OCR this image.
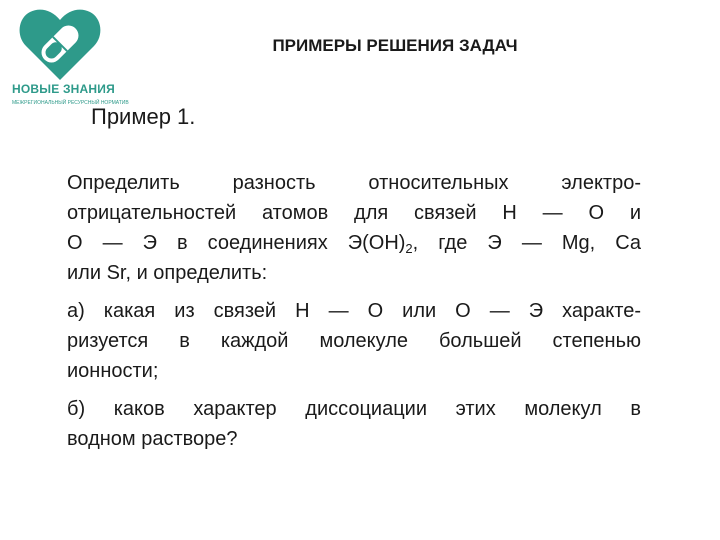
НОВЫЕ ЗНАНИЯ
МЕЖРЕГИОНАЛЬНЫЙ РЕСУРСНЫЙ НОРМАТИВ
ПРИМЕРЫ РЕШЕНИЯ ЗАДАЧ
Пример 1.

Определить разность относительных электро-
отрицательностей атомов для связей Н — О и
О — Э в соединениях $Э(ОН)_2$, где Э — Mg, Са
или Sr, и определить:

а) какая из связей Н — О или О — Э характе-
ризуется в каждой молекуле большей степенью
ионности;

б) каков характер диссоциации этих молекул в
водном растворе?
